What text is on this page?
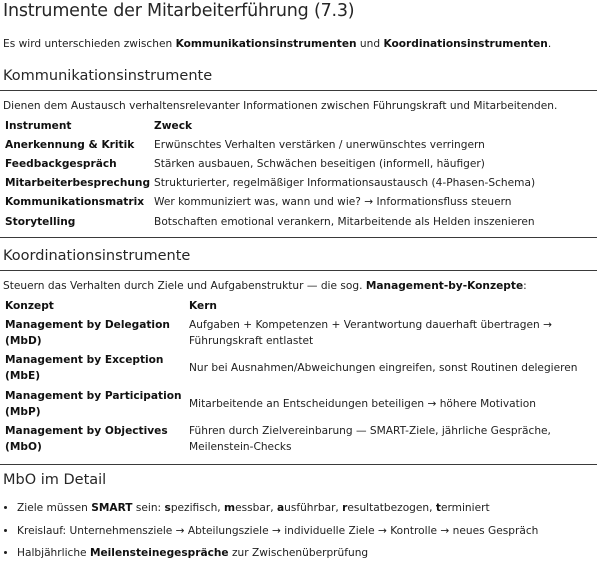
Instrumente der Mitarbeiterführung (7.3)
Es wird unterschieden zwischen Kommunikationsinstrumenten und Koordinationsinstrumenten.
Kommunikationsinstrumente
Dienen dem Austausch verhaltensrelevanter Informationen zwischen Führungskraft und Mitarbeitenden.
Instrument	Zweck
Anerkennung & Kritik	Erwünschtes Verhalten verstärken / unerwünschtes verringern
Feedbackgespräch	Stärken ausbauen, Schwächen beseitigen (informell, häufiger)
Mitarbeiterbesprechung	Strukturierter, regelmäßiger Informationsaustausch (4-Phasen-Schema)
Kommunikationsmatrix	Wer kommuniziert was, wann und wie? → Informationsfluss steuern
Storytelling	Botschaften emotional verankern, Mitarbeitende als Helden inszenieren
Koordinationsinstrumente
Steuern das Verhalten durch Ziele und Aufgabenstruktur — die sog. Management-by-Konzepte:
Konzept	Kern
Management by Delegation (MbD)	Aufgaben + Kompetenzen + Verantwortung dauerhaft übertragen → Führungskraft entlastet
Management by Exception (MbE)	Nur bei Ausnahmen/Abweichungen eingreifen, sonst Routinen delegieren
Management by Participation (MbP)	Mitarbeitende an Entscheidungen beteiligen → höhere Motivation
Management by Objectives (MbO)	Führen durch Zielvereinbarung — SMART-Ziele, jährliche Gespräche, Meilenstein-Checks
MbO im Detail
• Ziele müssen SMART sein: spezifisch, messbar, ausführbar, resultatbezogen, terminiert
• Kreislauf: Unternehmensziele → Abteilungsziele → individuelle Ziele → Kontrolle → neues Gespräch
• Halbjährliche Meilensteinegespräche zur Zwischenüberprüfung
